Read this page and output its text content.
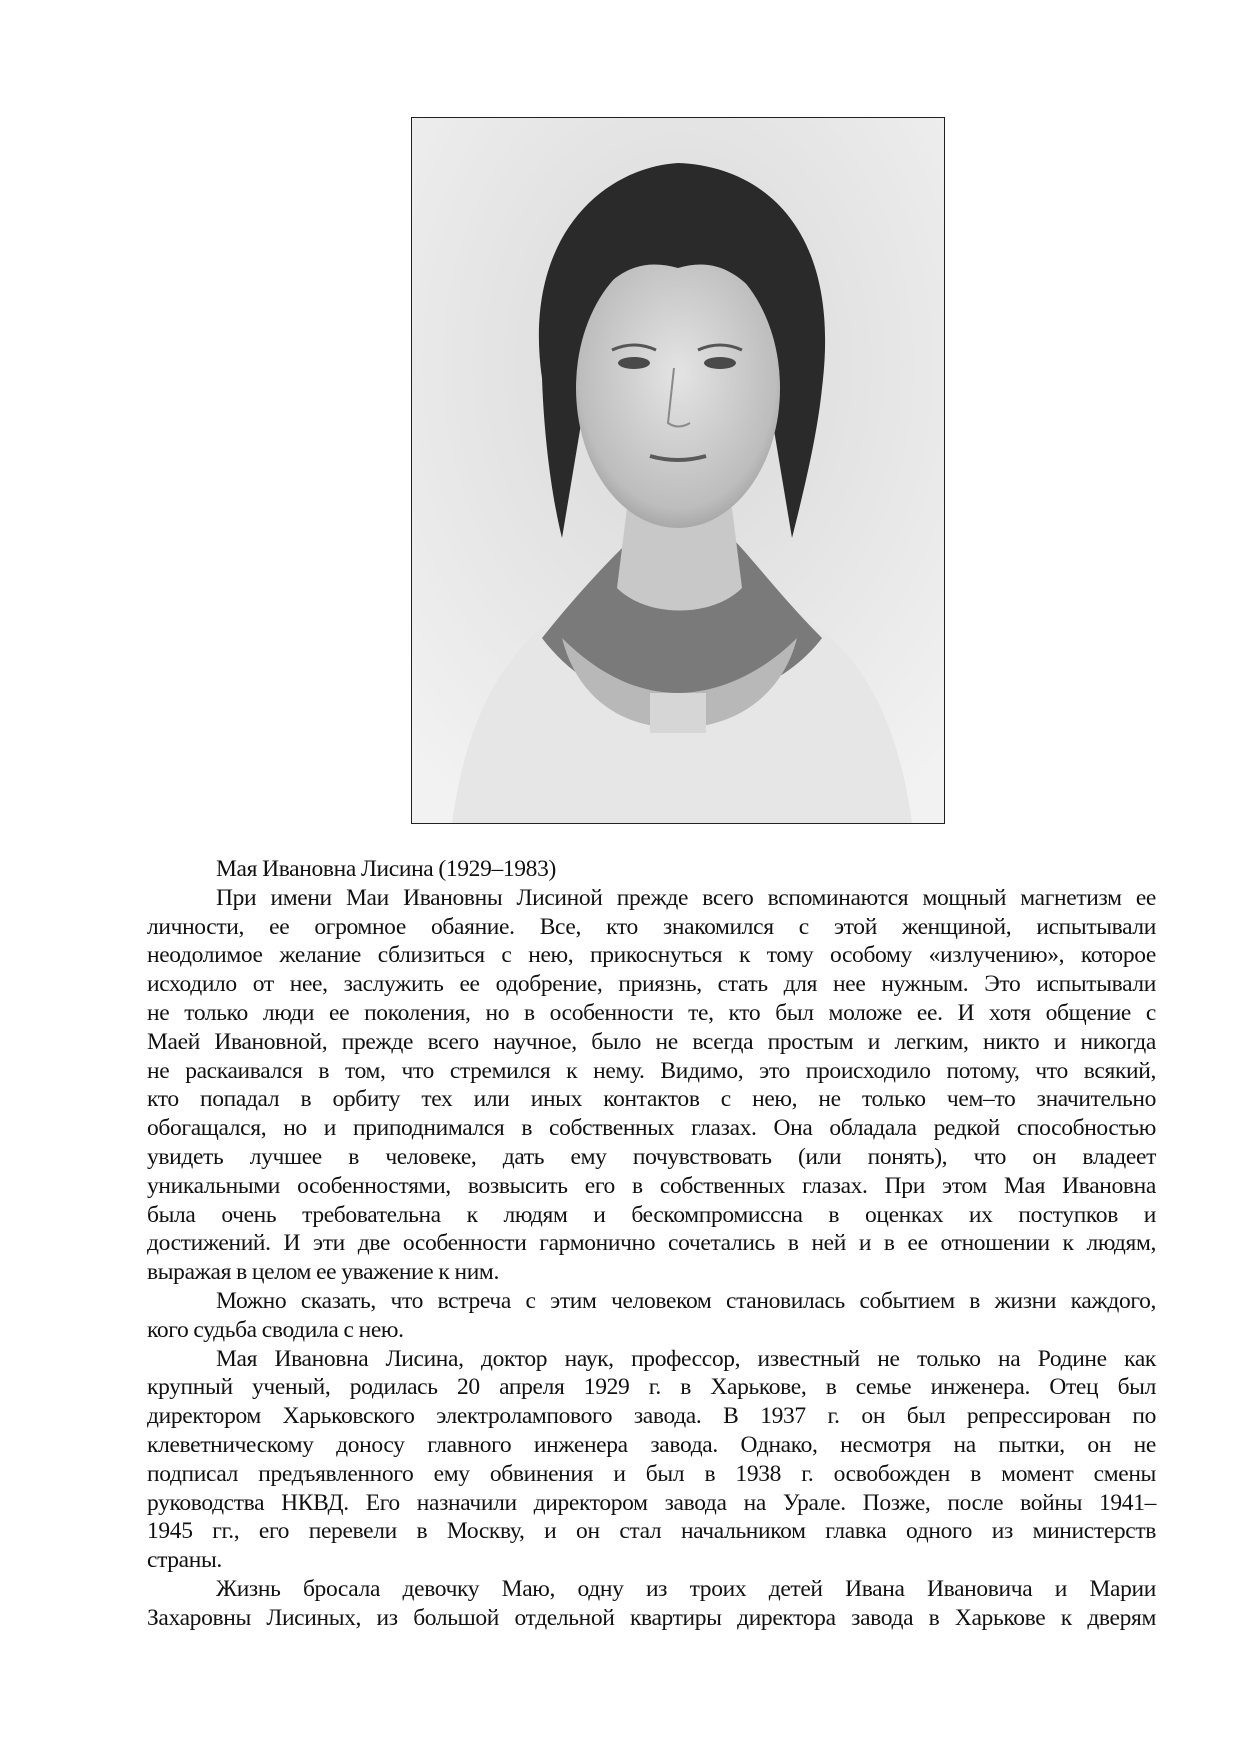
Мая Ивановна Лисина (1929–1983)
При имени Маи Ивановны Лисиной прежде всего вспоминаются мощный магнетизм ее
личности, ее огромное обаяние. Все, кто знакомился с этой женщиной, испытывали
неодолимое желание сблизиться с нею, прикоснуться к тому особому «излучению», которое
исходило от нее, заслужить ее одобрение, приязнь, стать для нее нужным. Это испытывали
не только люди ее поколения, но в особенности те, кто был моложе ее. И хотя общение с
Маей Ивановной, прежде всего научное, было не всегда простым и легким, никто и никогда
не раскаивался в том, что стремился к нему. Видимо, это происходило потому, что всякий,
кто попадал в орбиту тех или иных контактов с нею, не только чем–то значительно
обогащался, но и приподнимался в собственных глазах. Она обладала редкой способностью
увидеть лучшее в человеке, дать ему почувствовать (или понять), что он владеет
уникальными особенностями, возвысить его в собственных глазах. При этом Мая Ивановна
была очень требовательна к людям и бескомпромиссна в оценках их поступков и
достижений. И эти две особенности гармонично сочетались в ней и в ее отношении к людям,
выражая в целом ее уважение к ним.
Можно сказать, что встреча с этим человеком становилась событием в жизни каждого,
кого судьба сводила с нею.
Мая Ивановна Лисина, доктор наук, профессор, известный не только на Родине как
крупный ученый, родилась 20 апреля 1929 г. в Харькове, в семье инженера. Отец был
директором Харьковского электролампового завода. В 1937 г. он был репрессирован по
клеветническому доносу главного инженера завода. Однако, несмотря на пытки, он не
подписал предъявленного ему обвинения и был в 1938 г. освобожден в момент смены
руководства НКВД. Его назначили директором завода на Урале. Позже, после войны 1941–
1945 гг., его перевели в Москву, и он стал начальником главка одного из министерств
страны.
Жизнь бросала девочку Маю, одну из троих детей Ивана Ивановича и Марии
Захаровны Лисиных, из большой отдельной квартиры директора завода в Харькове к дверям
